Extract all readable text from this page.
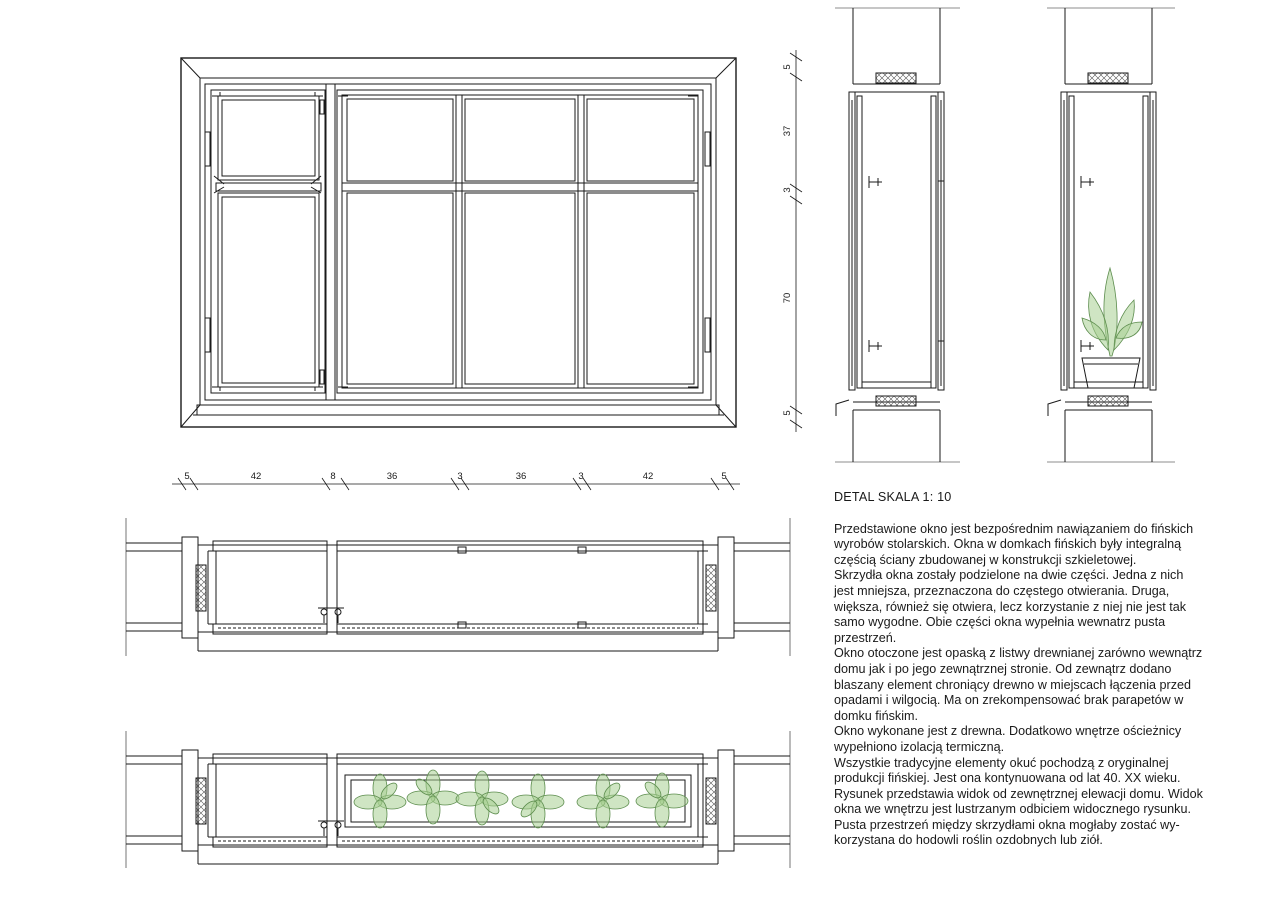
5	42	8	36	3	36	3	42	5
5
37
3
70
5
DETAL SKALA 1: 10

Przedstawione okno jest bezpośrednim nawiązaniem do fińskich wyrobów stolarskich. Okna w domkach fińskich były integralną częścią ściany zbudowanej w konstrukcji szkieletowej.

Skrzydła okna zostały podzielone na dwie części. Jedna z nich jest mniejsza, przeznaczona do częstego otwierania. Druga, większa, również się otwiera, lecz korzystanie z niej nie jest tak samo wygodne. Obie części okna wypełnia wewnatrz pusta przestrzeń.

Okno otoczone jest opaską z listwy drewnianej zarówno wewnątrz domu jak i po jego zewnątrznej stronie. Od zewnątrz dodano blaszany element chroniący drewno w miejscach łączenia przed opadami i wilgocią. Ma on zrekompensować brak parapetów w domku fińskim.

Okno wykonane jest z drewna. Dodatkowo wnętrze ościeżnicy wypełniono izolacją termiczną.

Wszystkie tradycyjne elementy okuć pochodzą z oryginalnej produkcji fińskiej. Jest ona kontynuowana od lat 40. XX wieku.

Rysunek przedstawia widok od zewnętrznej elewacji domu. Widok okna we wnętrzu jest lustrzanym odbiciem widocznego rysunku.

Pusta przestrzeń między skrzydłami okna mogłaby zostać wy-korzystana do hodowli roślin ozdobnych lub ziół.
